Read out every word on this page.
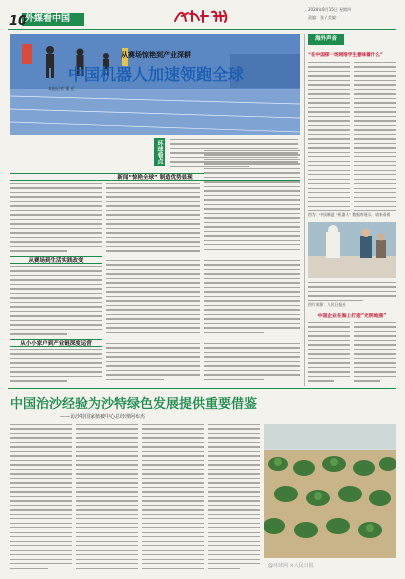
10
外媒看中国
2024年8月15日 星期四
责编：张 / 美编：
从赛场惊艳到产业深耕
中国机器人加速领跑全球
本报记者 董 宏
环球看点
新闻“惊艳全球” 制造优势显现
从赛场到生活实践改变
从小小家户到产业链深度运营
海外声音
“在中国探一场网络学生意味着什么”
图为：中国制造 “机器人” 数据库展示，请来看着
图片来源：人民日报社
中国企业在海上打造“光明地图”
中国治沙经验为沙特绿色发展提供重要借鉴
——访沙特国家植被中心总经理阿布杰
@环球网 ×人民日报
